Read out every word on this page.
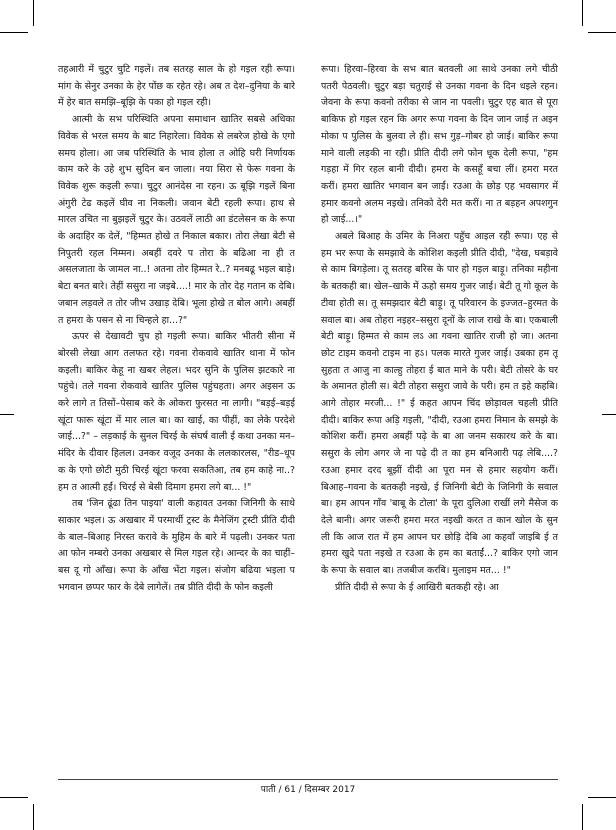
तहआरी में चुटुर चुटि गइलें। तब सतरह साल के हो गइल रही रूपा। मांग के सेनुर उनका के हेर पोंछ क रहेत रहे। अब त देश–दुनिया के बारे में हेर बात समझि–बूझि के पका हो गइल रही।

आत्मी के सभ परिस्थिति अपना समाधान खातिर सबसे अधिका विवेक से भरल समय के बाट निहारेला। विवेक से लबरेज होखे के एगो समय होला। आ जब परिस्थिति के भाव होला त ओहि घरी निर्णायक काम करे के उहे शुभ सुदिन बन जाला। नया सिरा से फेरू गवना के विवेक शुरू कइली रूपा। चुटुर आनंदेस ना रहन। ऊ बूझि गइलें बिना अंगुरी टेढ कइलें घीव ना निकली। जवान बेटी रहली रूपा। हाथ से मारल उचित ना बुझइलें चुटुर के। उठवलें लाठी आ डंटलेसन क के रूपा के अदाहिर क देलें, "हिम्मत होखे त निकाल बकार। तोरा लेखा बेटी से निपुतरी रहल निम्मन। अबहीं दवरे प तोरा के बढिआ ना ही त असलजाता के जामल ना..! अतना तोर हिम्मत रे..? मनबढू भइल बाड़े। बेटा बनत बारे। तेहीं ससुरा ना जइबे....! मार के तोर देह गतान क देबि। जबान लड़वले त तोर जीभ उखाड़ देबि। भूला होखे त बोल आगे। अबहीं त हमरा के पसन से ना चिन्हले हा...?"

ऊपर से देखावटी चुप हो गइली रूपा। बाकिर भीतरी सीना में बोरसी लेखा आग तलफत रहे। गवना रोकवावे खातिर थाना में फोन कइली। बाकिर केहू ना खबर लेहल। भदर सुनि के पुलिस झटकारे ना पहुंचे। तले गवना रोकवावे खातिर पुलिस पहुंचहता। अगर अइसन ऊ करे लागे त तिसों–पेसाब करे के ओकरा फुरसत ना लागी। "बड़ई–बड़ई खूंटा फारू खूंटा में मार लाल बा। का खाई, का पीहीं, का लेके परदेशे जाई...?" – लड़काई के सुनल चिरई के संघर्ष वाली ई कथा उनका मन–मंदिर के दीवार हिलल। उनकर वजूद उनका के ललकारलस, "रीड–धूप क के एगो छोटी मुठी चिरई खूंटा फरवा सकतिआ, तब हम काहे ना..? हम त आत्मी हईं। चिरई से बेसी दिमाग हमरा लगे बा... !"

तब 'जिन ढूंढा तिन पाइया' वाली कहावत उनका जिनिगी के साथे साकार भइल। ऊ अखबार में परमार्थी ट्रस्ट के मैनेजिंग ट्रस्टी प्रीति दीदी के बाल–बिआह निरस्त करावे के मुहिम के बारे में पढ़ली। उनकर पता आ फोन नम्बरो उनका अखबार से मिल गइल रहे। आन्दर के का चाहीं– बस दू गो आँख। रूपा के आँख भेंटा गइल। संजोग बढिया भइला प भगवान छप्पर फार के देबे लागेलें। तब प्रीति दीदी के फोन कइली

रूपा। हिरवा–हिरवा के सभ बात बतवली आ साथे उनका लगे चीठी पतरी पेठवली। चुटुर बड़ा चतुराई से उनका गवना के दिन धइले रहन। जेवना के रूपा कवनो तरीका से जान ना पवली। चुटुर एह बात से पूरा बाकिफ हो गइल रहन कि अगर रूपा गवना के दिन जान जाई त अइन मोका प पुलिस के बुलवा ले ही। सभ गुड़–गोबर हो जाई। बाकिर रूपा माने वाली लड़की ना रही। प्रीति दीदी लगे फोन धूक देली रूपा, "हम गड़हा में गिर रहल बानी दीदी। हमरा के कसहूँ बचा लीं। हमरा मरत करीं। हमरा खातिर भगवान बन जाईं। रउआ के छोड़ एह भवसागर में हमार कवनो अलम नइखे। तनिको देरी मत करीं। ना त बड़हन अपशगुन हो जाई...।"

अबले बिआह के उमिर के निअरा पहुँच आइल रही रूपा। एह से हम भर रूपा के समझावे के कोशिश कइली प्रीति दीदी, "देख, घबड़ावे से काम बिगड़ेला। तू सतरह बरिस के पार हो गइल बाड़ू। तनिका महीना के बतकही बा। खेल–खाके में ऊहो समय गुजर जाई। बेटी तू गो कूल के टीवा होती स। तू समझदार बेटी बाड़ू। तू परिवारन के इज्जत–हुरमत के सवाल बा। अब तोहरा नइहर–ससुरा दूनों के लाज राखे के बा। एकबाली बेटी बाड़ू। हिम्मत से काम लऽ आ गवना खातिर राजी हो जा। अतना छोट टाइम कवनो टाइम ना हऽ। पलक मारते गुजर जाई। उबका हम तू सुहता त आजु ना काल्हु तोहरा ई बात माने के परी। बेटी तोसरे के घर के अमानत होली स। बेटी तोहरा ससुरा जावे के परी। हम त इहे कहबि। आगे तोहार मरजी... !" ई कहत आपन चिंद छोड़ावल चहली प्रीति दीदी। बाकिर रूपा अड़ि गइली, "दीदी, रउआ हमरा निमान के समझे के कोशिश करीं। हमरा अबहीं पढ़े के बा आ जनम सकारथ करे के बा। ससुरा के लोग अगर जे ना पढ़े दी त का हम बनिआरी पढ़ लेबि....? रउआ हमार दरद बूझीं दीदी आ पूरा मन से हमार सहयोग करीं। बिआह–गवना के बतकही नइखे, ई जिनिगी बेटी के जिनिगी के सवाल बा। हम आपन गाँव 'बाबू के टोला' के पूरा दुलिआ राखीं लगे मैसेज क देले बानी। अगर जरूरी हमरा मरत नइखी करत त कान खोल के सुन ली कि आज रात में हम आपन घर छोड़ि देबि आ कहवाँ जाइबि ई त हमरा खुदे पता नइखे त रउआ के हम का बताईं...? बाकिर एगो जान के रूपा के सवाल बा। तजबीज करबि। मुलाइम मत... !"

प्रीति दीदी से रूपा के ई आखिरी बतकही रहे। आ

पाती / 61 / दिसम्बर 2017
